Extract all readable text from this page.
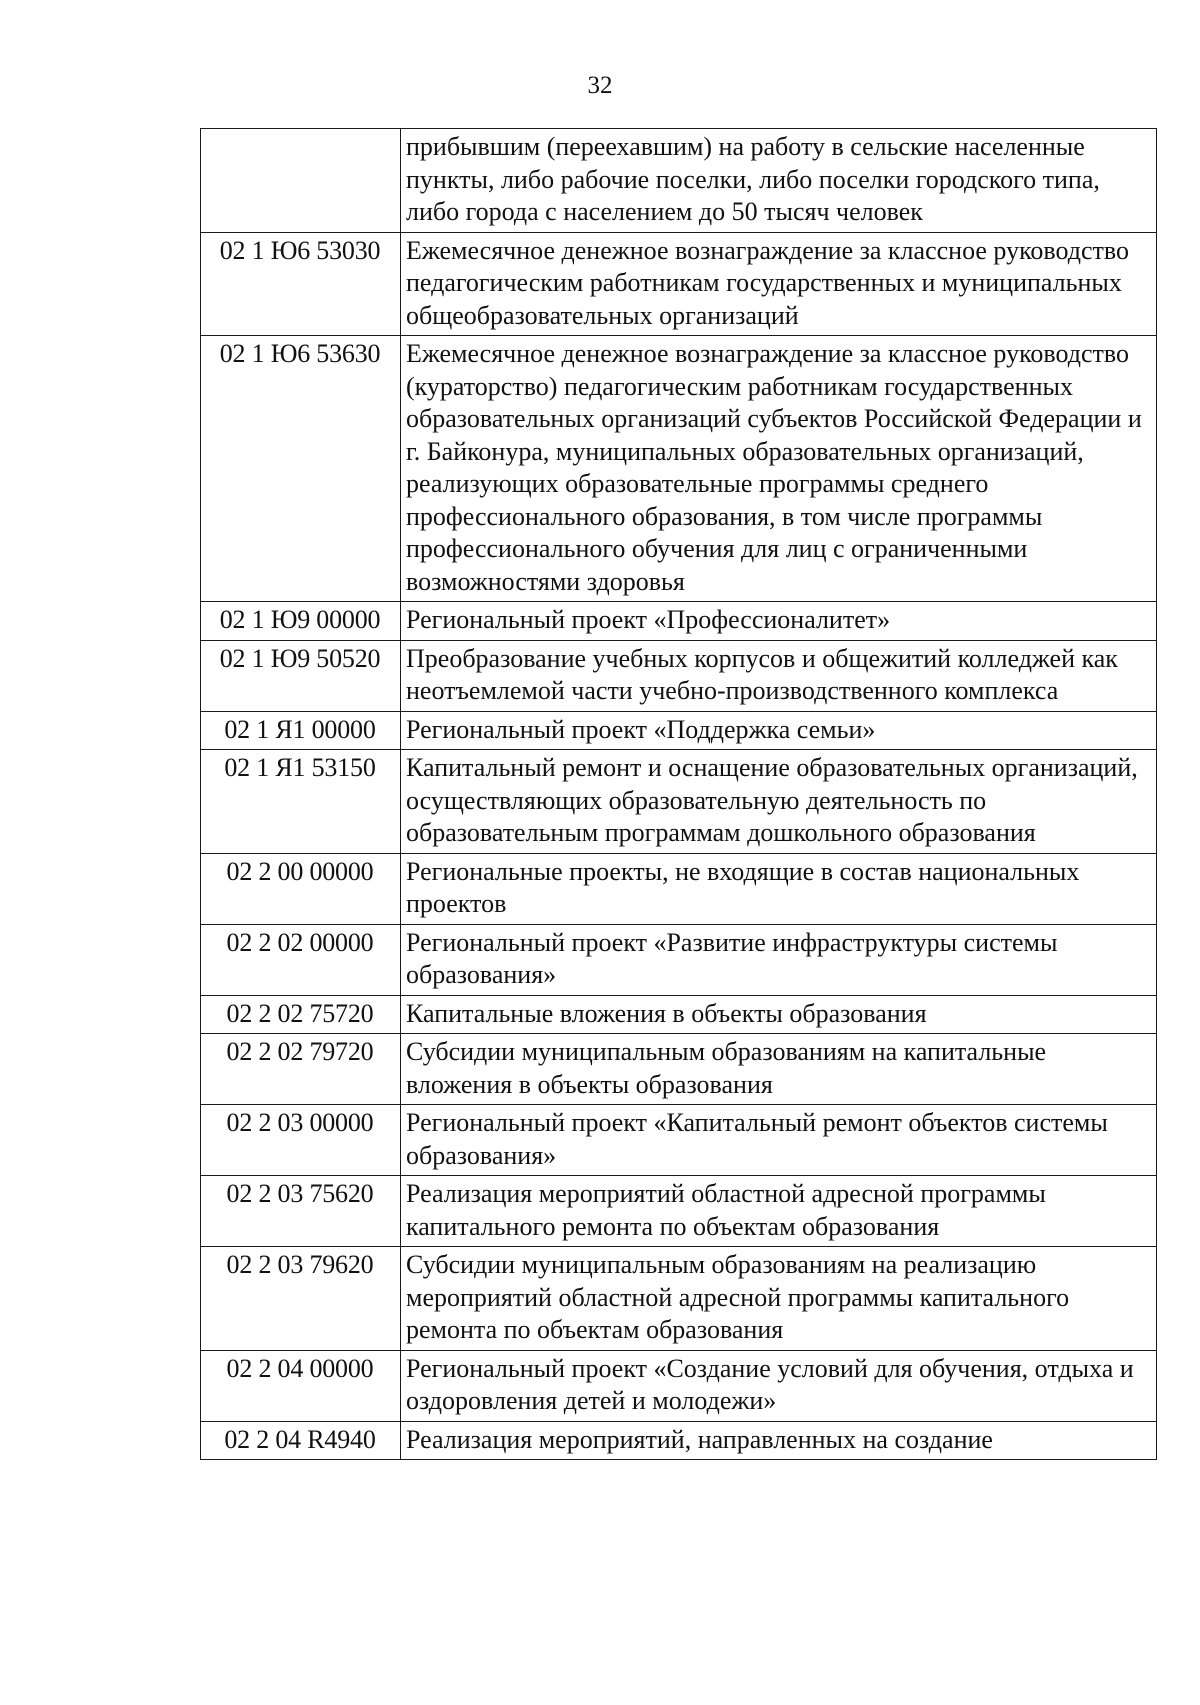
32
	прибывшим (переехавшим) на работу в сельские населенные пункты, либо рабочие поселки, либо поселки городского типа, либо города с населением до 50 тысяч человек
02 1 Ю6 53030	Ежемесячное денежное вознаграждение за классное руководство педагогическим работникам государственных и муниципальных общеобразовательных организаций
02 1 Ю6 53630	Ежемесячное денежное вознаграждение за классное руководство (кураторство) педагогическим работникам государственных образовательных организаций субъектов Российской Федерации и г. Байконура, муниципальных образовательных организаций, реализующих образовательные программы среднего профессионального образования, в том числе программы профессионального обучения для лиц с ограниченными возможностями здоровья
02 1 Ю9 00000	Региональный проект «Профессионалитет»
02 1 Ю9 50520	Преобразование учебных корпусов и общежитий колледжей как неотъемлемой части учебно-производственного комплекса
02 1 Я1 00000	Региональный проект «Поддержка семьи»
02 1 Я1 53150	Капитальный ремонт и оснащение образовательных организаций, осуществляющих образовательную деятельность по образовательным программам дошкольного образования
02 2 00 00000	Региональные проекты, не входящие в состав национальных проектов
02 2 02 00000	Региональный проект «Развитие инфраструктуры системы образования»
02 2 02 75720	Капитальные вложения в объекты образования
02 2 02 79720	Субсидии муниципальным образованиям на капитальные вложения в объекты образования
02 2 03 00000	Региональный проект «Капитальный ремонт объектов системы образования»
02 2 03 75620	Реализация мероприятий областной адресной программы капитального ремонта по объектам образования
02 2 03 79620	Субсидии муниципальным образованиям на реализацию мероприятий областной адресной программы капитального ремонта по объектам образования
02 2 04 00000	Региональный проект «Создание условий для обучения, отдыха и оздоровления детей и молодежи»
02 2 04 R4940	Реализация мероприятий, направленных на создание
